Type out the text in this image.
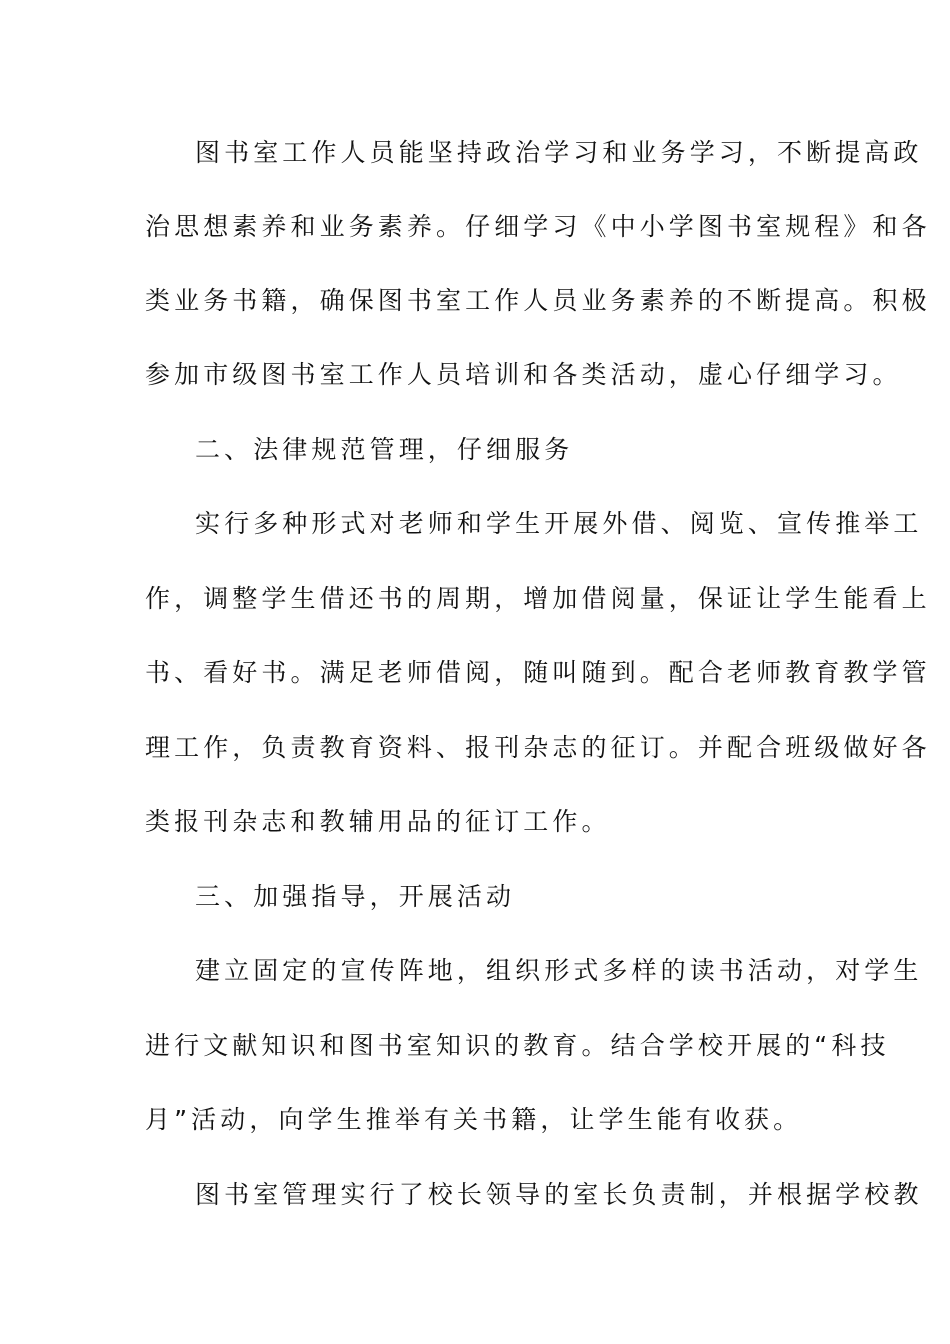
图书室工作人员能坚持政治学习和业务学习，不断提高政
治思想素养和业务素养。仔细学习《中小学图书室规程》和各
类业务书籍，确保图书室工作人员业务素养的不断提高。积极
参加市级图书室工作人员培训和各类活动，虚心仔细学习。
二、法律规范管理，仔细服务
实行多种形式对老师和学生开展外借、阅览、宣传推举工
作，调整学生借还书的周期，增加借阅量，保证让学生能看上
书、看好书。满足老师借阅，随叫随到。配合老师教育教学管
理工作，负责教育资料、报刊杂志的征订。并配合班级做好各
类报刊杂志和教辅用品的征订工作。
三、加强指导，开展活动
建立固定的宣传阵地，组织形式多样的读书活动，对学生
进行文献知识和图书室知识的教育。结合学校开展的“科技
月”活动，向学生推举有关书籍，让学生能有收获。
图书室管理实行了校长领导的室长负责制，并根据学校教
